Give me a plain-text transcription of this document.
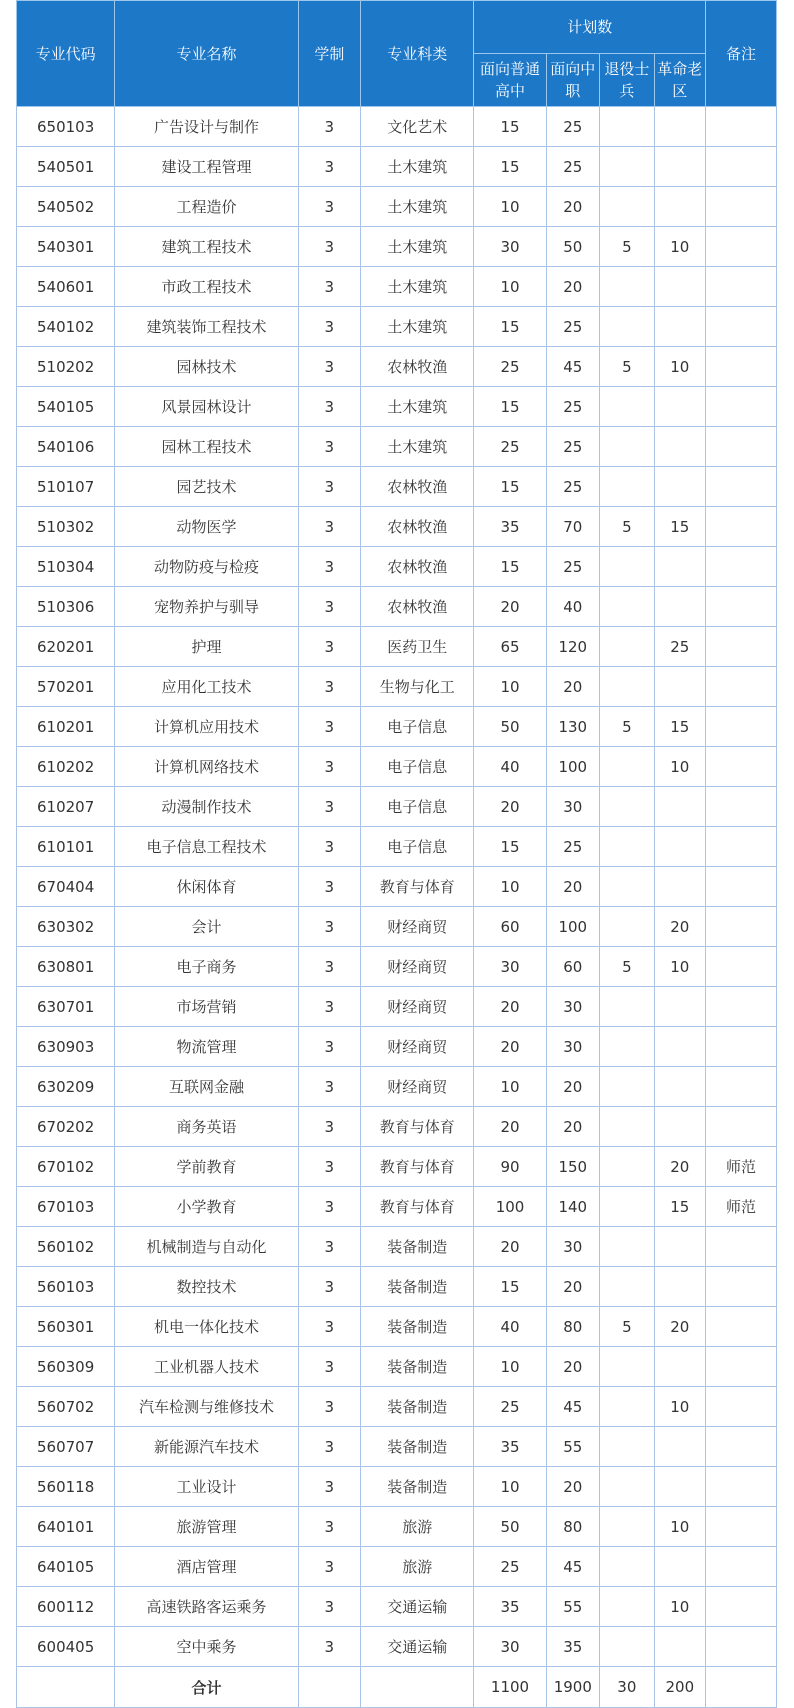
专业代码	专业名称	学制	专业科类	计划数				备注
				面向普通高中	面向中职	退役士兵	革命老区	
650103	广告设计与制作	3	文化艺术	15	25			
540501	建设工程管理	3	土木建筑	15	25			
540502	工程造价	3	土木建筑	10	20			
540301	建筑工程技术	3	土木建筑	30	50	5	10	
540601	市政工程技术	3	土木建筑	10	20			
540102	建筑装饰工程技术	3	土木建筑	15	25			
510202	园林技术	3	农林牧渔	25	45	5	10	
540105	风景园林设计	3	土木建筑	15	25			
540106	园林工程技术	3	土木建筑	25	25			
510107	园艺技术	3	农林牧渔	15	25			
510302	动物医学	3	农林牧渔	35	70	5	15	
510304	动物防疫与检疫	3	农林牧渔	15	25			
510306	宠物养护与驯导	3	农林牧渔	20	40			
620201	护理	3	医药卫生	65	120		25	
570201	应用化工技术	3	生物与化工	10	20			
610201	计算机应用技术	3	电子信息	50	130	5	15	
610202	计算机网络技术	3	电子信息	40	100		10	
610207	动漫制作技术	3	电子信息	20	30			
610101	电子信息工程技术	3	电子信息	15	25			
670404	休闲体育	3	教育与体育	10	20			
630302	会计	3	财经商贸	60	100		20	
630801	电子商务	3	财经商贸	30	60	5	10	
630701	市场营销	3	财经商贸	20	30			
630903	物流管理	3	财经商贸	20	30			
630209	互联网金融	3	财经商贸	10	20			
670202	商务英语	3	教育与体育	20	20			
670102	学前教育	3	教育与体育	90	150		20	师范
670103	小学教育	3	教育与体育	100	140		15	师范
560102	机械制造与自动化	3	装备制造	20	30			
560103	数控技术	3	装备制造	15	20			
560301	机电一体化技术	3	装备制造	40	80	5	20	
560309	工业机器人技术	3	装备制造	10	20			
560702	汽车检测与维修技术	3	装备制造	25	45		10	
560707	新能源汽车技术	3	装备制造	35	55			
560118	工业设计	3	装备制造	10	20			
640101	旅游管理	3	旅游	50	80		10	
640105	酒店管理	3	旅游	25	45			
600112	高速铁路客运乘务	3	交通运输	35	55		10	
600405	空中乘务	3	交通运输	30	35			
	合计			1100	1900	30	200	
